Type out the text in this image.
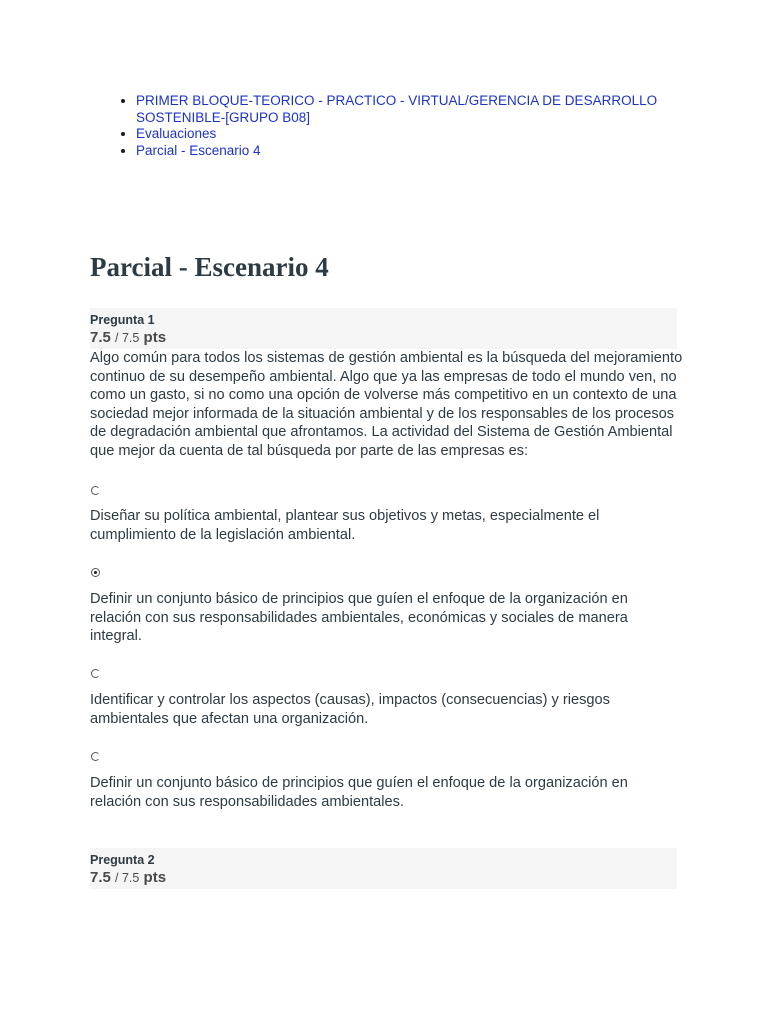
• PRIMER BLOQUE-TEORICO - PRACTICO - VIRTUAL/GERENCIA DE DESARROLLO SOSTENIBLE-[GRUPO B08]
• Evaluaciones
• Parcial - Escenario 4
Parcial - Escenario 4
Pregunta 1
7.5 / 7.5 pts

Algo común para todos los sistemas de gestión ambiental es la búsqueda del mejoramiento continuo de su desempeño ambiental. Algo que ya las empresas de todo el mundo ven, no como un gasto, si no como una opción de volverse más competitivo en un contexto de una sociedad mejor informada de la situación ambiental y de los responsables de los procesos de degradación ambiental que afrontamos. La actividad del Sistema de Gestión Ambiental que mejor da cuenta de tal búsqueda por parte de las empresas es:

Diseñar su política ambiental, plantear sus objetivos y metas, especialmente el cumplimiento de la legislación ambiental.

Definir un conjunto básico de principios que guíen el enfoque de la organización en relación con sus responsabilidades ambientales, económicas y sociales de manera integral.

Identificar y controlar los aspectos (causas), impactos (consecuencias) y riesgos ambientales que afectan una organización.

Definir un conjunto básico de principios que guíen el enfoque de la organización en relación con sus responsabilidades ambientales.

Pregunta 2
7.5 / 7.5 pts
